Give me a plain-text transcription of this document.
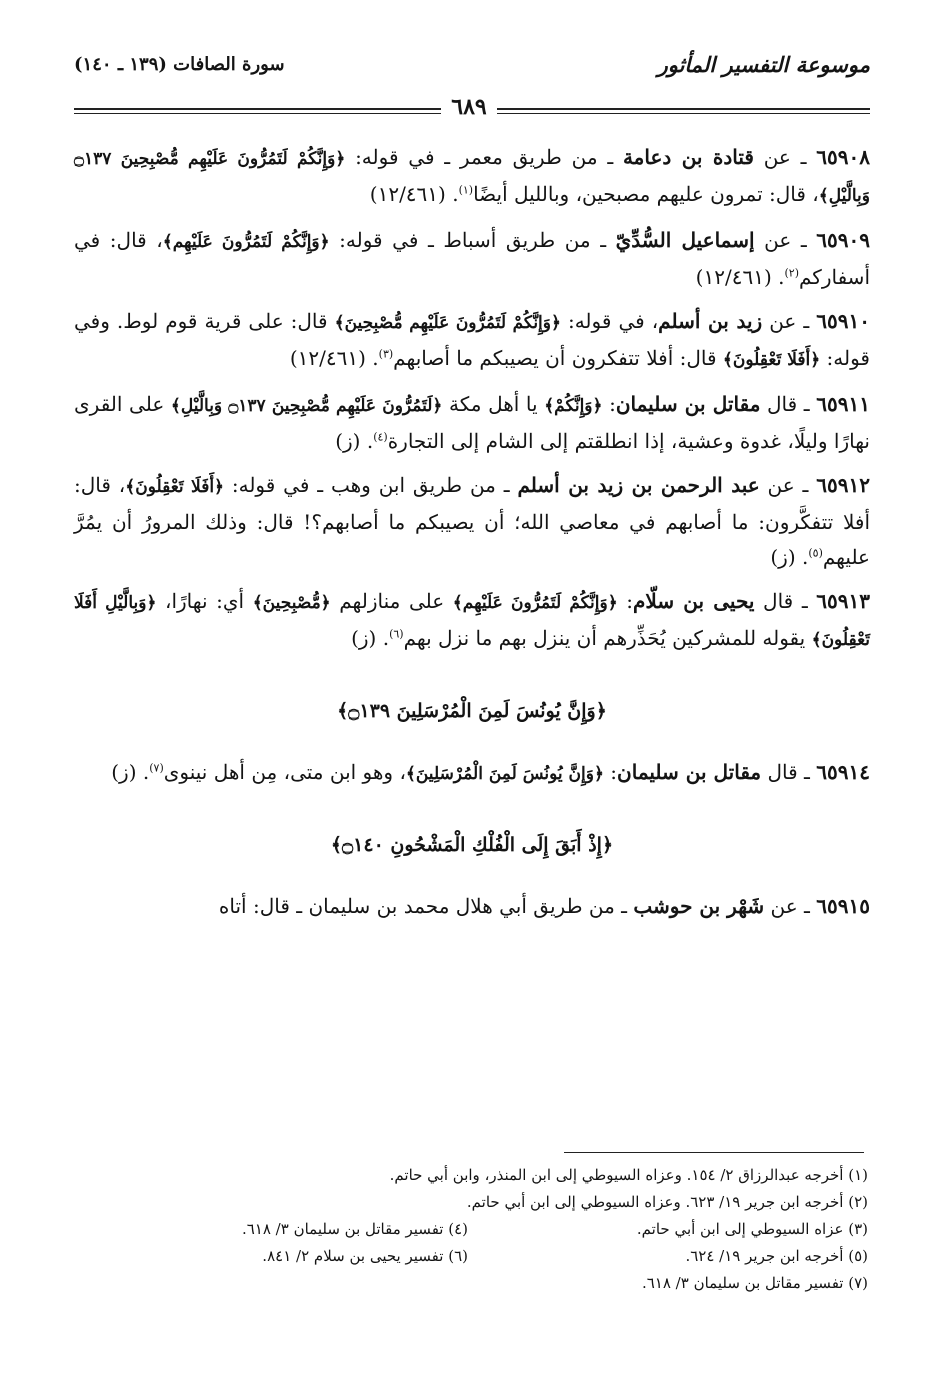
موسوعة التفسير المأثور
سورة الصافات (١٣٩ ـ ١٤٠)
٦٨٩

٦٥٩٠٨ ـ عن قتادة بن دعامة ـ من طريق معمر ـ في قوله: ﴿وَإِنَّكُمْ لَتَمُرُّونَ عَلَيْهِم مُّصْبِحِينَ ۝١٣٧ وَبِالَّيْلِ﴾، قال: تمرون عليهم مصبحين، وبالليل أيضًا$^{(١)}$. (١٢/٤٦١)

٦٥٩٠٩ ـ عن إسماعيل السُّدِّيّ ـ من طريق أسباط ـ في قوله: ﴿وَإِنَّكُمْ لَتَمُرُّونَ عَلَيْهِم﴾، قال: في أسفاركم$^{(٢)}$. (١٢/٤٦١)

٦٥٩١٠ ـ عن زيد بن أسلم، في قوله: ﴿وَإِنَّكُمْ لَتَمُرُّونَ عَلَيْهِم مُّصْبِحِينَ﴾ قال: على قرية قوم لوط. وفي قوله: ﴿أَفَلَا تَعْقِلُونَ﴾ قال: أفلا تتفكرون أن يصيبكم ما أصابهم$^{(٣)}$. (١٢/٤٦١)

٦٥٩١١ ـ قال مقاتل بن سليمان: ﴿وَإِنَّكُمْ﴾ يا أهل مكة ﴿لَتَمُرُّونَ عَلَيْهِم مُّصْبِحِينَ ۝١٣٧ وَبِالَّيْلِ﴾ على القرى نهارًا وليلًا، غدوة وعشية، إذا انطلقتم إلى الشام إلى التجارة$^{(٤)}$. (ز)

٦٥٩١٢ ـ عن عبد الرحمن بن زيد بن أسلم ـ من طريق ابن وهب ـ في قوله: ﴿أَفَلَا تَعْقِلُونَ﴾، قال: أفلا تتفكَّرون: ما أصابهم في معاصي الله؛ أن يصيبكم ما أصابهم؟! قال: وذلك المرورُ أن يمُرَّ عليهم$^{(٥)}$. (ز)

٦٥٩١٣ ـ قال يحيى بن سلّام: ﴿وَإِنَّكُمْ لَتَمُرُّونَ عَلَيْهِم﴾ على منازلهم ﴿مُّصْبِحِينَ﴾ أي: نهارًا، ﴿وَبِالَّيْلِ أَفَلَا تَعْقِلُونَ﴾ يقوله للمشركين يُحَذِّرهم أن ينزل بهم ما نزل بهم$^{(٦)}$. (ز)

﴿وَإِنَّ يُونُسَ لَمِنَ الْمُرْسَلِينَ ۝١٣٩﴾

٦٥٩١٤ ـ قال مقاتل بن سليمان: ﴿وَإِنَّ يُونُسَ لَمِنَ الْمُرْسَلِينَ﴾، وهو ابن متى، مِن أهل نينوى$^{(٧)}$. (ز)

﴿إِذْ أَبَقَ إِلَى الْفُلْكِ الْمَشْحُونِ ۝١٤٠﴾

٦٥٩١٥ ـ عن شَهْر بن حوشب ـ من طريق أبي هلال محمد بن سليمان ـ قال: أتاه

(١) أخرجه عبدالرزاق ٢/ ١٥٤. وعزاه السيوطي إلى ابن المنذر، وابن أبي حاتم.
(٢) أخرجه ابن جرير ١٩/ ٦٢٣. وعزاه السيوطي إلى ابن أبي حاتم.
(٣) عزاه السيوطي إلى ابن أبي حاتم.
(٤) تفسير مقاتل بن سليمان ٣/ ٦١٨.
(٥) أخرجه ابن جرير ١٩/ ٦٢٤.
(٦) تفسير يحيى بن سلام ٢/ ٨٤١.
(٧) تفسير مقاتل بن سليمان ٣/ ٦١٨.
